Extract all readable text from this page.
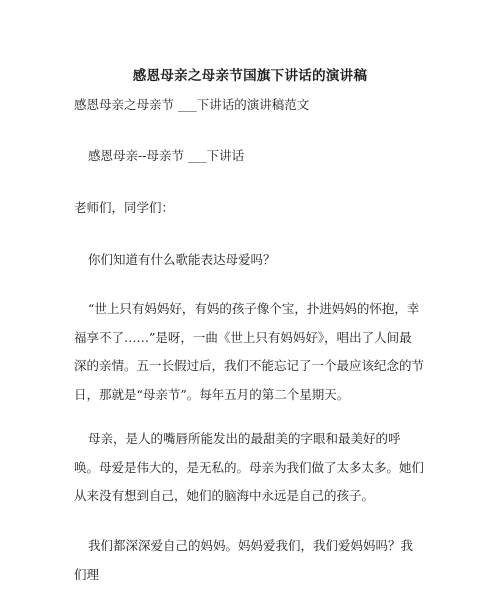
感恩母亲之母亲节国旗下讲话的演讲稿
感恩母亲之母亲节 ___下讲话的演讲稿范文
感恩母亲--母亲节 ___下讲话
老师们，同学们：
你们知道有什么歌能表达母爱吗？
“世上只有妈妈好，有妈的孩子像个宝，扑进妈妈的怀抱，幸福享不了……”是呀，一曲《世上只有妈妈好》，唱出了人间最深的亲情。五一长假过后，我们不能忘记了一个最应该纪念的节日，那就是“母亲节”。每年五月的第二个星期天。
母亲，是人的嘴唇所能发出的最甜美的字眼和最美好的呼唤。母爱是伟大的，是无私的。母亲为我们做了太多太多。她们从来没有想到自己，她们的脑海中永远是自己的孩子。
我们都深深爱自己的妈妈。妈妈爱我们，我们爱妈妈吗？我们理
